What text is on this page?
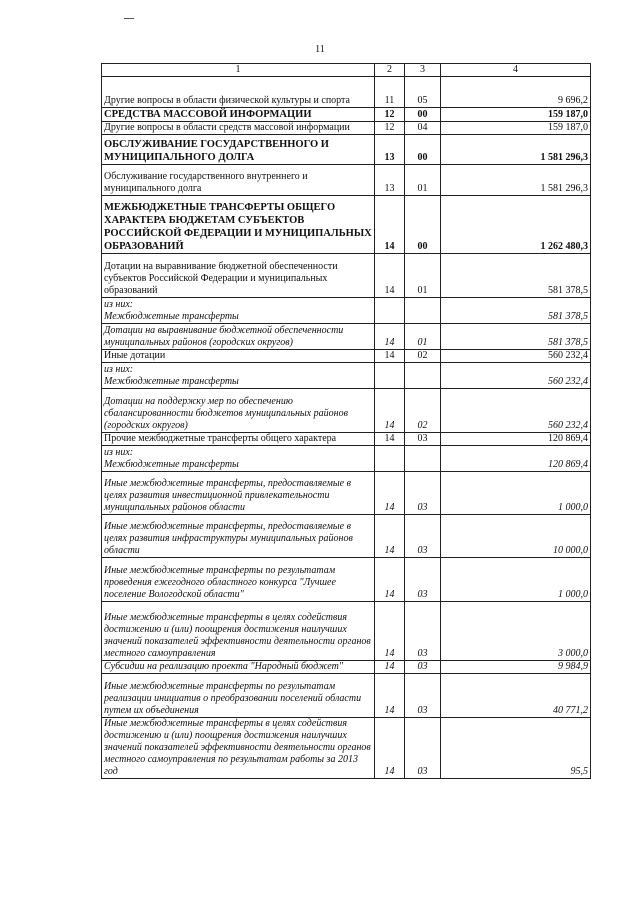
11
1	2	3	4
Другие вопросы в области физической культуры и спорта	11	05	9 696,2
СРЕДСТВА МАССОВОЙ ИНФОРМАЦИИ	12	00	159 187,0
Другие вопросы в области средств массовой информации	12	04	159 187,0
ОБСЛУЖИВАНИЕ ГОСУДАРСТВЕННОГО И МУНИЦИПАЛЬНОГО ДОЛГА	13	00	1 581 296,3
Обслуживание государственного внутреннего и муниципального долга	13	01	1 581 296,3
МЕЖБЮДЖЕТНЫЕ ТРАНСФЕРТЫ ОБЩЕГО ХАРАКТЕРА БЮДЖЕТАМ СУБЪЕКТОВ РОССИЙСКОЙ ФЕДЕРАЦИИ И МУНИЦИПАЛЬНЫХ ОБРАЗОВАНИЙ	14	00	1 262 480,3
Дотации на выравнивание бюджетной обеспеченности субъектов Российской Федерации и муниципальных образований	14	01	581 378,5
из них:
Межбюджетные трансферты			581 378,5
Дотации на выравнивание бюджетной обеспеченности муниципальных районов (городских округов)	14	01	581 378,5
Иные дотации	14	02	560 232,4
из них:
Межбюджетные трансферты			560 232,4
Дотации на поддержку мер по обеспечению сбалансированности бюджетов муниципальных районов (городских округов)	14	02	560 232,4
Прочие межбюджетные трансферты общего характера	14	03	120 869,4
из них:
Межбюджетные трансферты			120 869,4
Иные межбюджетные трансферты, предоставляемые в целях развития инвестиционной привлекательности муниципальных районов области	14	03	1 000,0
Иные межбюджетные трансферты, предоставляемые в целях развития инфраструктуры муниципальных районов области	14	03	10 000,0
Иные межбюджетные трансферты по результатам проведения ежегодного областного конкурса "Лучшее поселение Вологодской области"	14	03	1 000,0
Иные межбюджетные трансферты в целях содействия достижению и (или) поощрения достижения наилучших значений показателей эффективности деятельности органов местного самоуправления	14	03	3 000,0
Субсидии на реализацию проекта "Народный бюджет"	14	03	9 984,9
Иные межбюджетные трансферты по результатам реализации инициатив о преобразовании поселений области путем их объединения	14	03	40 771,2
Иные межбюджетные трансферты в целях содействия достижению и (или) поощрения достижения наилучших значений показателей эффективности деятельности органов местного самоуправления по результатам работы за 2013 год	14	03	95,5
